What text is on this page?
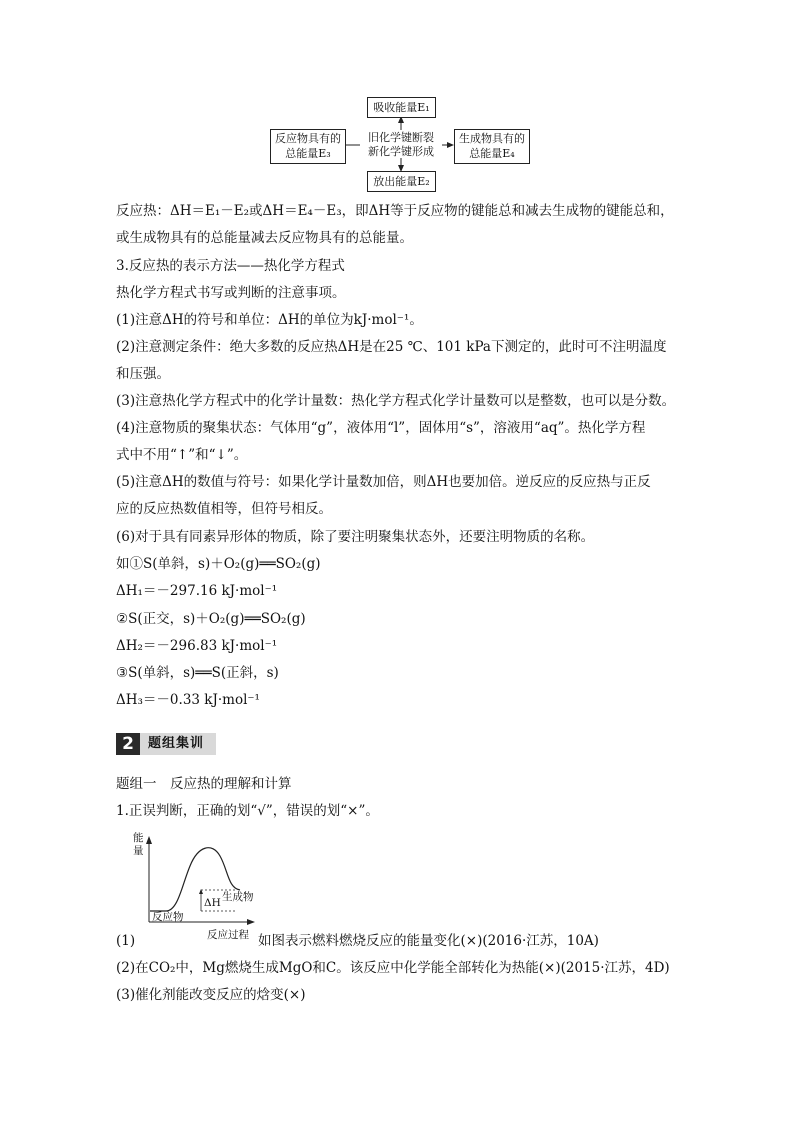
吸收能量E₁
放出能量E₂
反应物具有的
总能量E₃
生成物具有的
总能量E₄
旧化学键断裂
新化学键形成
反应热：ΔH＝E₁－E₂或ΔH＝E₄－E₃，即ΔH等于反应物的键能总和减去生成物的键能总和，
或生成物具有的总能量减去反应物具有的总能量。
3.反应热的表示方法——热化学方程式
热化学方程式书写或判断的注意事项。
(1)注意ΔH的符号和单位：ΔH的单位为kJ·mol⁻¹。
(2)注意测定条件：绝大多数的反应热ΔH是在25 ℃、101 kPa下测定的，此时可不注明温度
和压强。
(3)注意热化学方程式中的化学计量数：热化学方程式化学计量数可以是整数，也可以是分数。
(4)注意物质的聚集状态：气体用“g”，液体用“l”，固体用“s”，溶液用“aq”。热化学方程
式中不用“↑”和“↓”。
(5)注意ΔH的数值与符号：如果化学计量数加倍，则ΔH也要加倍。逆反应的反应热与正反
应的反应热数值相等，但符号相反。
(6)对于具有同素异形体的物质，除了要注明聚集状态外，还要注明物质的名称。
如①S(单斜，s)＋O₂(g)══SO₂(g)
ΔH₁＝－297.16 kJ·mol⁻¹
②S(正交，s)＋O₂(g)══SO₂(g)
ΔH₂＝－296.83 kJ·mol⁻¹
③S(单斜，s)══S(正斜，s)
ΔH₃＝－0.33 kJ·mol⁻¹
2	题组集训
题组一　反应热的理解和计算
1.正误判断，正确的划“√”，错误的划“×”。
能
量
反应物
生成物
ΔH
反应过程
(1)	如图表示燃料燃烧反应的能量变化(×)(2016·江苏，10A)
(2)在CO₂中，Mg燃烧生成MgO和C。该反应中化学能全部转化为热能(×)(2015·江苏，4D)
(3)催化剂能改变反应的焓变(×)
